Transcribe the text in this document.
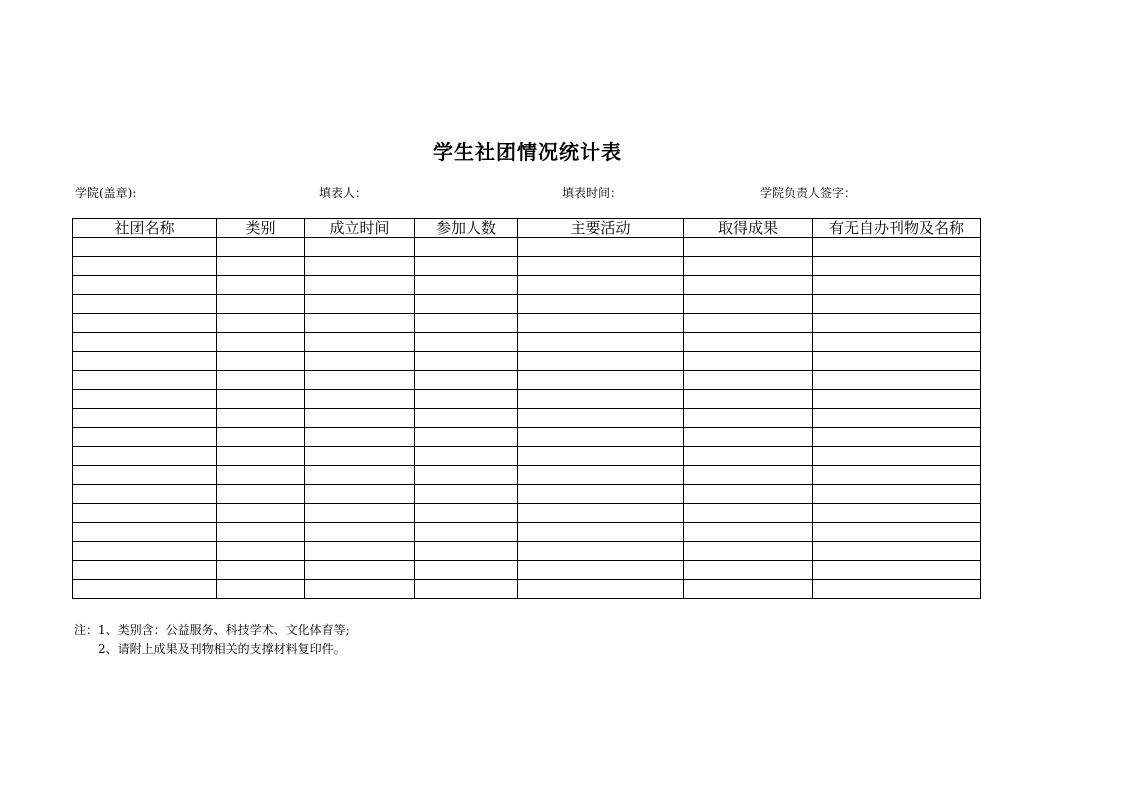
学生社团情况统计表
学院(盖章):	填表人：	填表时间：	学院负责人签字：
社团名称	类别	成立时间	参加人数	主要活动	取得成果	有无自办刊物及名称

注：1、类别含：公益服务、科技学术、文化体育等;
2、请附上成果及刊物相关的支撑材料复印件。
